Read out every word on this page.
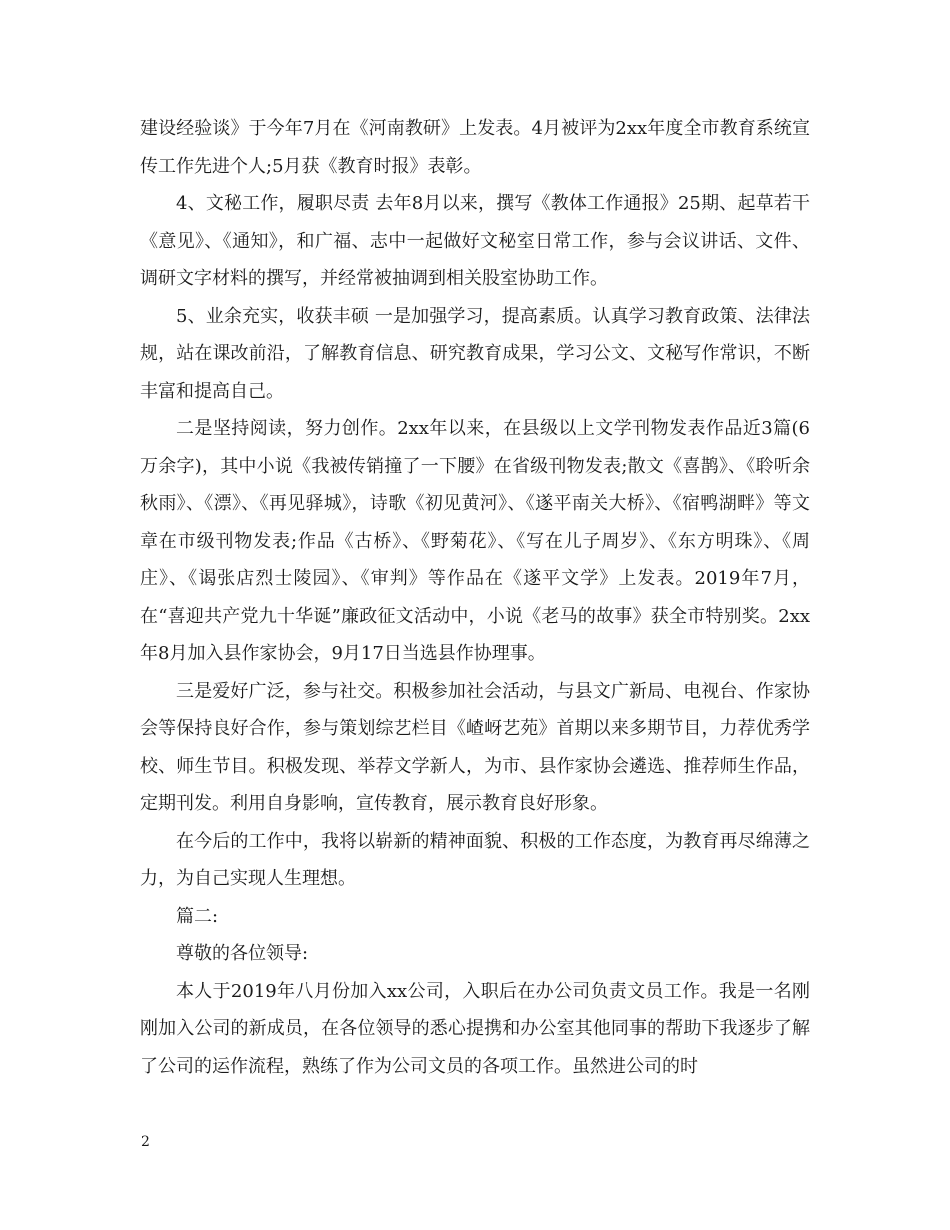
建设经验谈》于今年7月在《河南教研》上发表。4月被评为2xx年度全市教育系统宣传工作先进个人;5月获《教育时报》表彰。

4、文秘工作，履职尽责 去年8月以来，撰写《教体工作通报》25期、起草若干《意见》、《通知》，和广福、志中一起做好文秘室日常工作，参与会议讲话、文件、调研文字材料的撰写，并经常被抽调到相关股室协助工作。

5、业余充实，收获丰硕 一是加强学习，提高素质。认真学习教育政策、法律法规，站在课改前沿，了解教育信息、研究教育成果，学习公文、文秘写作常识，不断丰富和提高自己。

二是坚持阅读，努力创作。2xx年以来，在县级以上文学刊物发表作品近3篇(6万余字)，其中小说《我被传销撞了一下腰》在省级刊物发表;散文《喜鹊》、《聆听余秋雨》、《漂》、《再见驿城》，诗歌《初见黄河》、《遂平南关大桥》、《宿鸭湖畔》等文章在市级刊物发表;作品《古桥》、《野菊花》、《写在儿子周岁》、《东方明珠》、《周庄》、《谒张店烈士陵园》、《审判》等作品在《遂平文学》上发表。2019年7月，在“喜迎共产党九十华诞”廉政征文活动中，小说《老马的故事》获全市特别奖。2xx年8月加入县作家协会，9月17日当选县作协理事。

三是爱好广泛，参与社交。积极参加社会活动，与县文广新局、电视台、作家协会等保持良好合作，参与策划综艺栏目《嵖岈艺苑》首期以来多期节目，力荐优秀学校、师生节目。积极发现、举荐文学新人，为市、县作家协会遴选、推荐师生作品，定期刊发。利用自身影响，宣传教育，展示教育良好形象。

在今后的工作中，我将以崭新的精神面貌、积极的工作态度，为教育再尽绵薄之力，为自己实现人生理想。

篇二:

尊敬的各位领导:

本人于2019年八月份加入xx公司，入职后在办公司负责文员工作。我是一名刚刚加入公司的新成员，在各位领导的悉心提携和办公室其他同事的帮助下我逐步了解了公司的运作流程，熟练了作为公司文员的各项工作。虽然进公司的时

2
